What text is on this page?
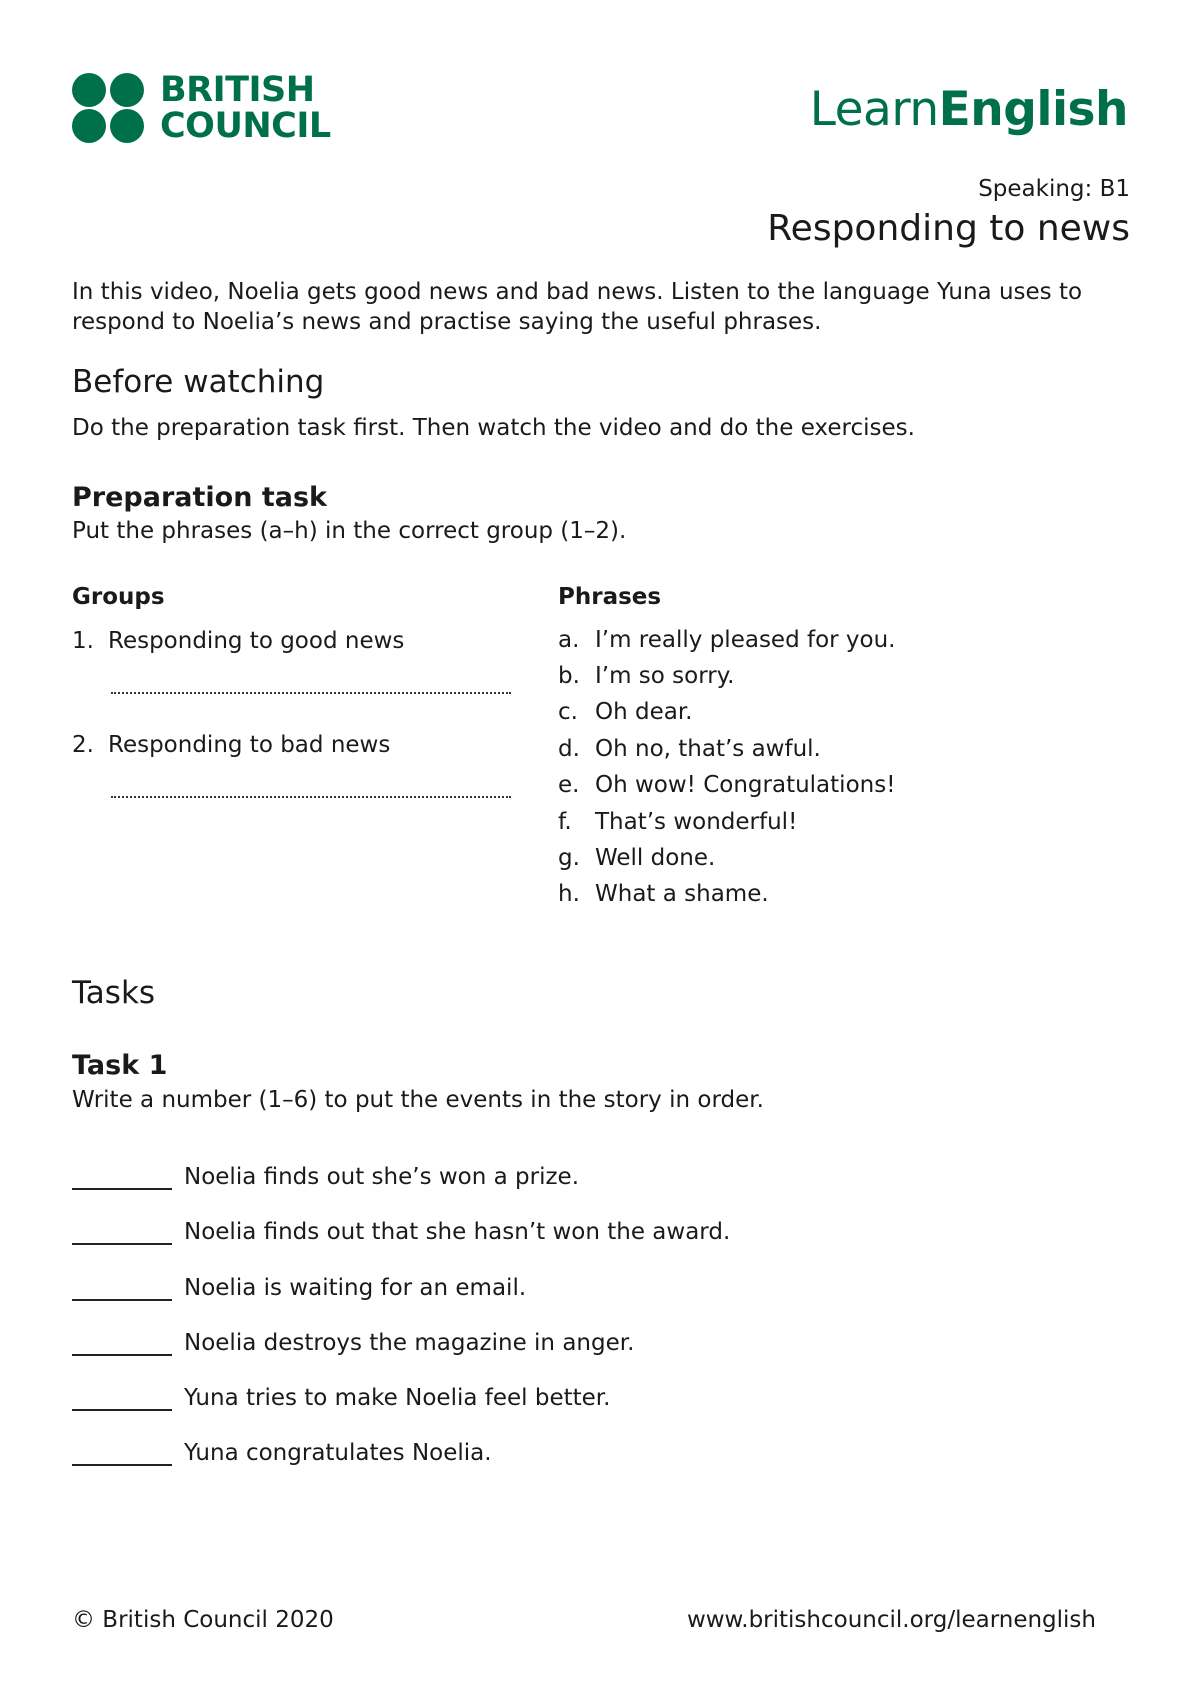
BRITISH
COUNCIL	LearnEnglish
Speaking: B1
Responding to news
In this video, Noelia gets good news and bad news. Listen to the language Yuna uses to respond to Noelia’s news and practise saying the useful phrases.
Before watching
Do the preparation task first. Then watch the video and do the exercises.
Preparation task
Put the phrases (a–h) in the correct group (1–2).
Groups	Phrases
1. Responding to good news
2. Responding to bad news
a. I’m really pleased for you.
b. I’m so sorry.
c. Oh dear.
d. Oh no, that’s awful.
e. Oh wow! Congratulations!
f.	That’s wonderful!
g. Well done.
h. What a shame.
Tasks
Task 1
Write a number (1–6) to put the events in the story in order.
Noelia finds out she’s won a prize.
Noelia finds out that she hasn’t won the award.
Noelia is waiting for an email.
Noelia destroys the magazine in anger.
Yuna tries to make Noelia feel better.
Yuna congratulates Noelia.
© British Council 2020	www.britishcouncil.org/learnenglish
